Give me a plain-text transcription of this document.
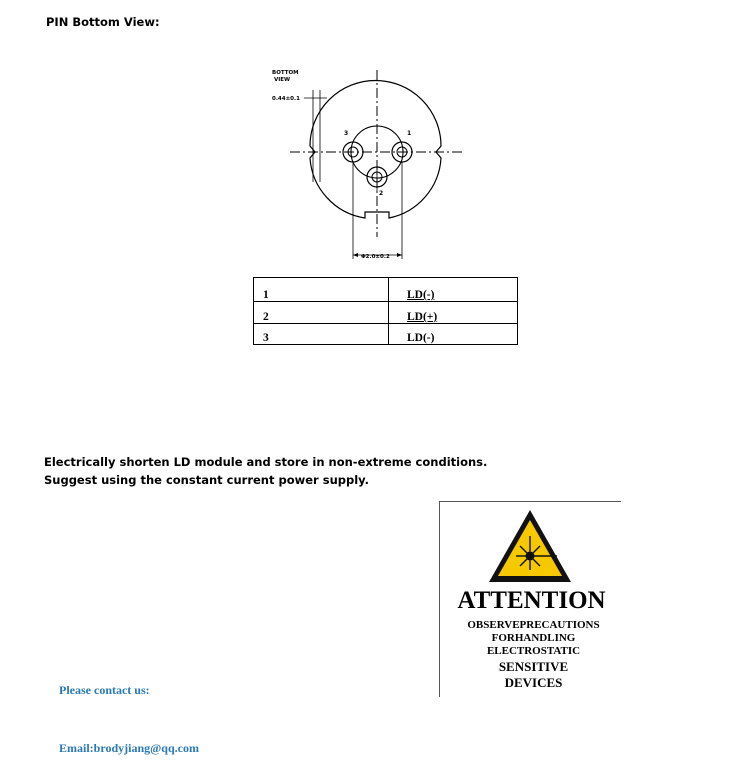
PIN Bottom View:
BOTTOM
VIEW
0.44±0.1
1
3
2
Φ2.0±0.2
1	LD(-)
2	LD(+)
3	LD(-)
Electrically shorten LD module and store in non-extreme conditions.
Suggest using the constant current power supply.
ATTENTION
OBSERVEPRECAUTIONS
FORHANDLING
ELECTROSTATIC
SENSITIVE
DEVICES
Please contact us:
Email:brodyjiang@qq.com
